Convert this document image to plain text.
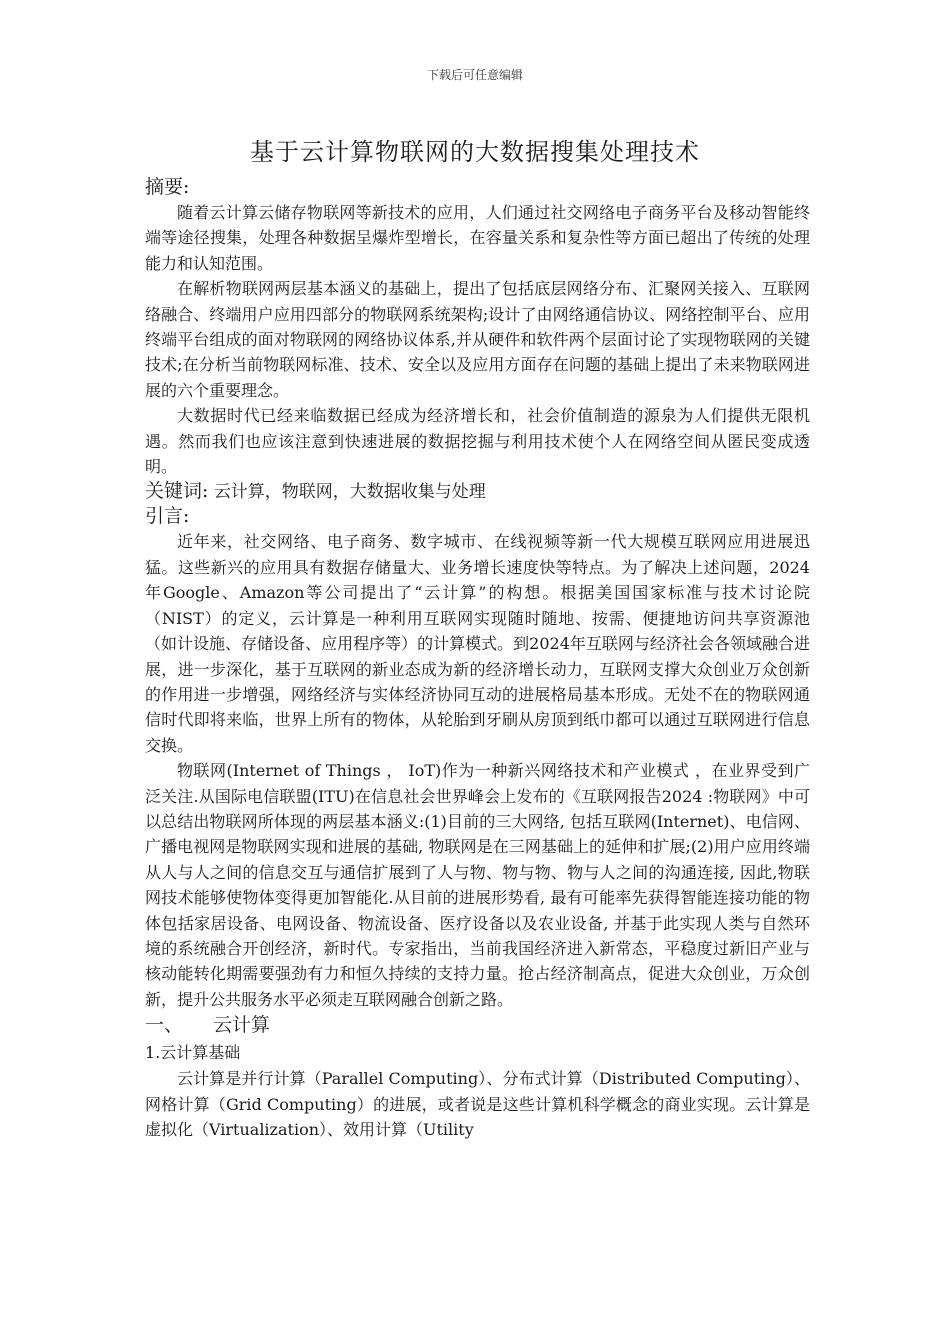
下载后可任意编辑
基于云计算物联网的大数据搜集处理技术
摘要:

随着云计算云储存物联网等新技术的应用，人们通过社交网络电子商务平台及移动智能终端等途径搜集，处理各种数据呈爆炸型增长，在容量关系和复杂性等方面已超出了传统的处理能力和认知范围。

在解析物联网两层基本涵义的基础上，提出了包括底层网络分布、汇聚网关接入、互联网络融合、终端用户应用四部分的物联网系统架构;设计了由网络通信协议、网络控制平台、应用终端平台组成的面对物联网的网络协议体系,并从硬件和软件两个层面讨论了实现物联网的关键技术;在分析当前物联网标准、技术、安全以及应用方面存在问题的基础上提出了未来物联网进展的六个重要理念。

大数据时代已经来临数据已经成为经济增长和，社会价值制造的源泉为人们提供无限机遇。然而我们也应该注意到快速进展的数据挖掘与利用技术使个人在网络空间从匿民变成透明。

关键词: 云计算，物联网，大数据收集与处理
引言:

近年来，社交网络、电子商务、数字城市、在线视频等新一代大规模互联网应用进展迅猛。这些新兴的应用具有数据存储量大、业务增长速度快等特点。为了解决上述问题，2024 年Google、Amazon等公司提出了“云计算”的构想。根据美国国家标准与技术讨论院（NIST）的定义，云计算是一种利用互联网实现随时随地、按需、便捷地访问共享资源池（如计设施、存储设备、应用程序等）的计算模式。到2024年互联网与经济社会各领域融合进展，进一步深化，基于互联网的新业态成为新的经济增长动力，互联网支撑大众创业万众创新的作用进一步增强，网络经济与实体经济协同互动的进展格局基本形成。无处不在的物联网通信时代即将来临，世界上所有的物体，从轮胎到牙刷从房顶到纸巾都可以通过互联网进行信息交换。

物联网(Internet of Things ， IoT)作为一种新兴网络技术和产业模式 ，在业界受到广泛关注.从国际电信联盟(ITU)在信息社会世界峰会上发布的《互联网报告2024 :物联网》中可以总结出物联网所体现的两层基本涵义:(1)目前的三大网络, 包括互联网(Internet)、电信网、广播电视网是物联网实现和进展的基础, 物联网是在三网基础上的延伸和扩展;(2)用户应用终端从人与人之间的信息交互与通信扩展到了人与物、物与物、物与人之间的沟通连接, 因此,物联网技术能够使物体变得更加智能化.从目前的进展形势看, 最有可能率先获得智能连接功能的物体包括家居设备、电网设备、物流设备、医疗设备以及农业设备, 并基于此实现人类与自然环境的系统融合开创经济，新时代。专家指出，当前我国经济进入新常态，平稳度过新旧产业与核动能转化期需要强劲有力和恒久持续的支持力量。抢占经济制高点，促进大众创业，万众创新，提升公共服务水平必须走互联网融合创新之路。

一、 云计算
1.云计算基础

云计算是并行计算（Parallel Computing）、分布式计算（Distributed Computing）、网格计算（Grid Computing）的进展，或者说是这些计算机科学概念的商业实现。云计算是虚拟化（Virtualization）、效用计算（Utility
